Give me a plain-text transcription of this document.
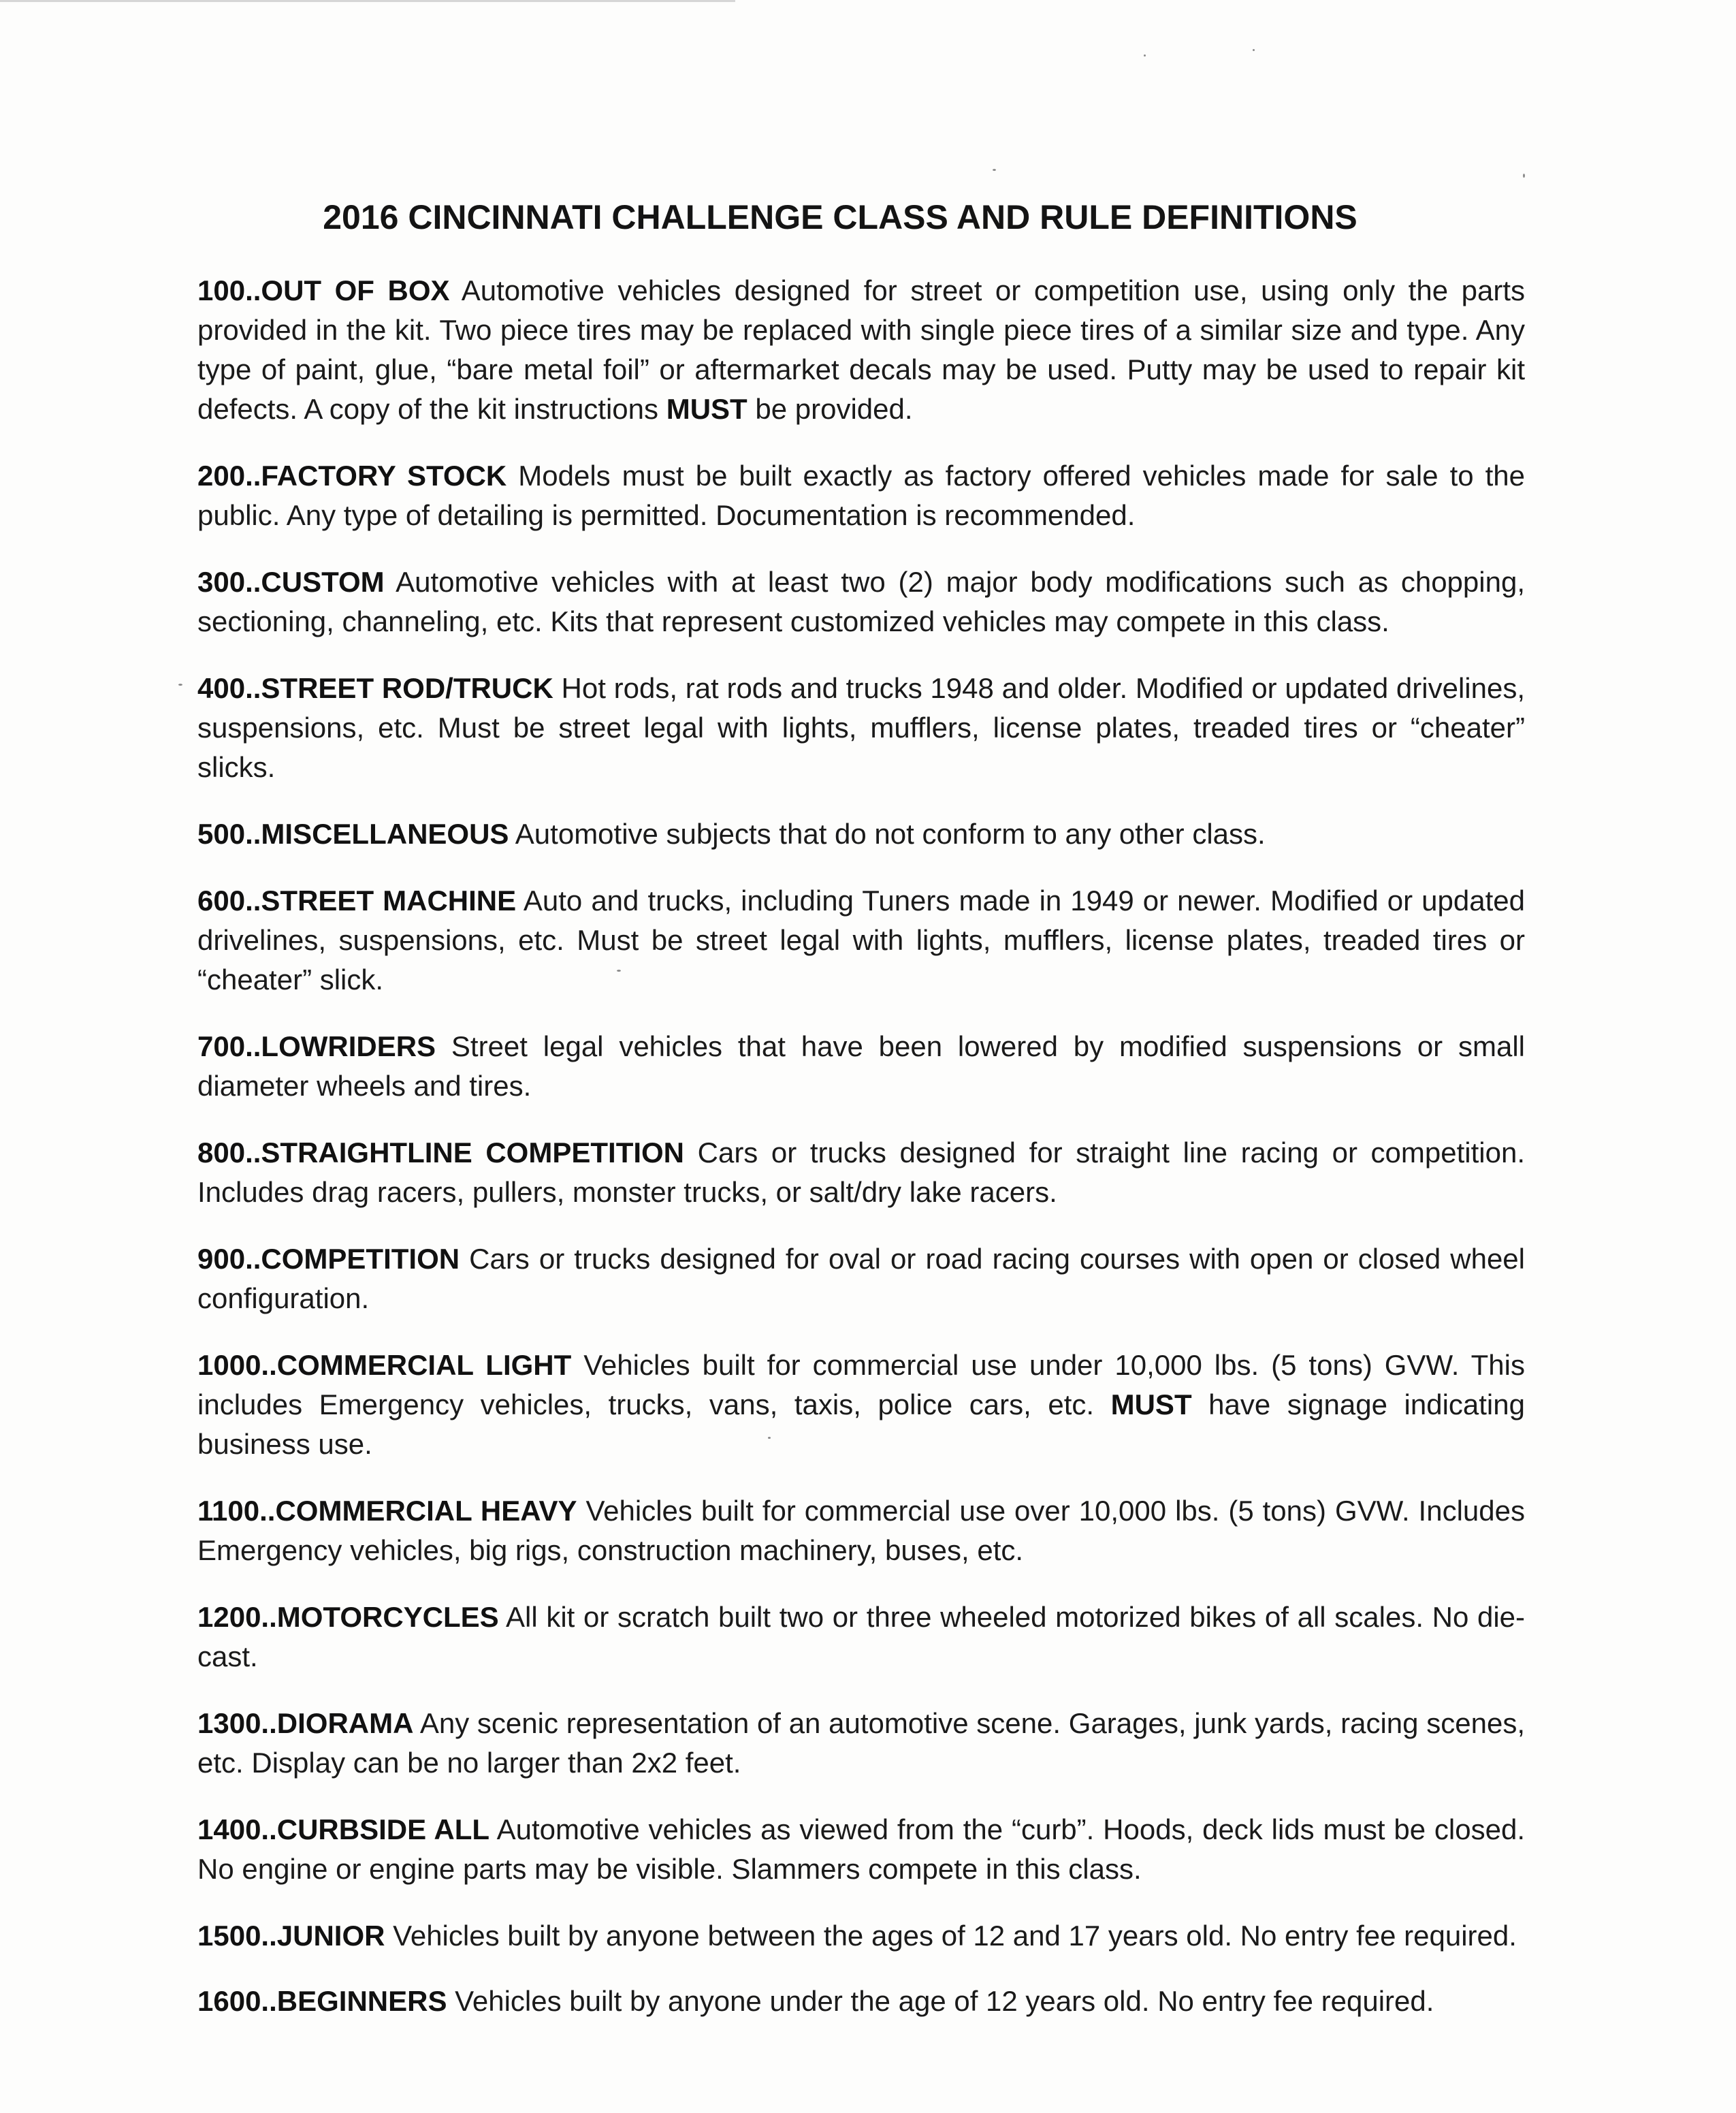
2016 CINCINNATI CHALLENGE CLASS AND RULE DEFINITIONS

100..OUT OF BOX Automotive vehicles designed for street or competition use, using only the parts provided in the kit. Two piece tires may be replaced with single piece tires of a similar size and type. Any type of paint, glue, “bare metal foil” or aftermarket decals may be used. Putty may be used to repair kit defects. A copy of the kit instructions MUST be provided.

200..FACTORY STOCK Models must be built exactly as factory offered vehicles made for sale to the public. Any type of detailing is permitted. Documentation is recommended.

300..CUSTOM Automotive vehicles with at least two (2) major body modifications such as chopping, sectioning, channeling, etc. Kits that represent customized vehicles may compete in this class.

400..STREET ROD/TRUCK Hot rods, rat rods and trucks 1948 and older. Modified or updated drivelines, suspensions, etc. Must be street legal with lights, mufflers, license plates, treaded tires or “cheater” slicks.

500..MISCELLANEOUS Automotive subjects that do not conform to any other class.

600..STREET MACHINE Auto and trucks, including Tuners made in 1949 or newer. Modified or updated drivelines, suspensions, etc. Must be street legal with lights, mufflers, license plates, treaded tires or “cheater” slick.

700..LOWRIDERS Street legal vehicles that have been lowered by modified suspensions or small diameter wheels and tires.

800..STRAIGHTLINE COMPETITION Cars or trucks designed for straight line racing or competition. Includes drag racers, pullers, monster trucks, or salt/dry lake racers.

900..COMPETITION Cars or trucks designed for oval or road racing courses with open or closed wheel configuration.

1000..COMMERCIAL LIGHT Vehicles built for commercial use under 10,000 lbs. (5 tons) GVW. This includes Emergency vehicles, trucks, vans, taxis, police cars, etc. MUST have signage indicating business use.

1100..COMMERCIAL HEAVY Vehicles built for commercial use over 10,000 lbs. (5 tons) GVW. Includes Emergency vehicles, big rigs, construction machinery, buses, etc.

1200..MOTORCYCLES All kit or scratch built two or three wheeled motorized bikes of all scales. No die-cast.

1300..DIORAMA Any scenic representation of an automotive scene. Garages, junk yards, racing scenes, etc. Display can be no larger than 2x2 feet.

1400..CURBSIDE ALL Automotive vehicles as viewed from the “curb”. Hoods, deck lids must be closed. No engine or engine parts may be visible. Slammers compete in this class.

1500..JUNIOR Vehicles built by anyone between the ages of 12 and 17 years old. No entry fee required.

1600..BEGINNERS Vehicles built by anyone under the age of 12 years old. No entry fee required.
